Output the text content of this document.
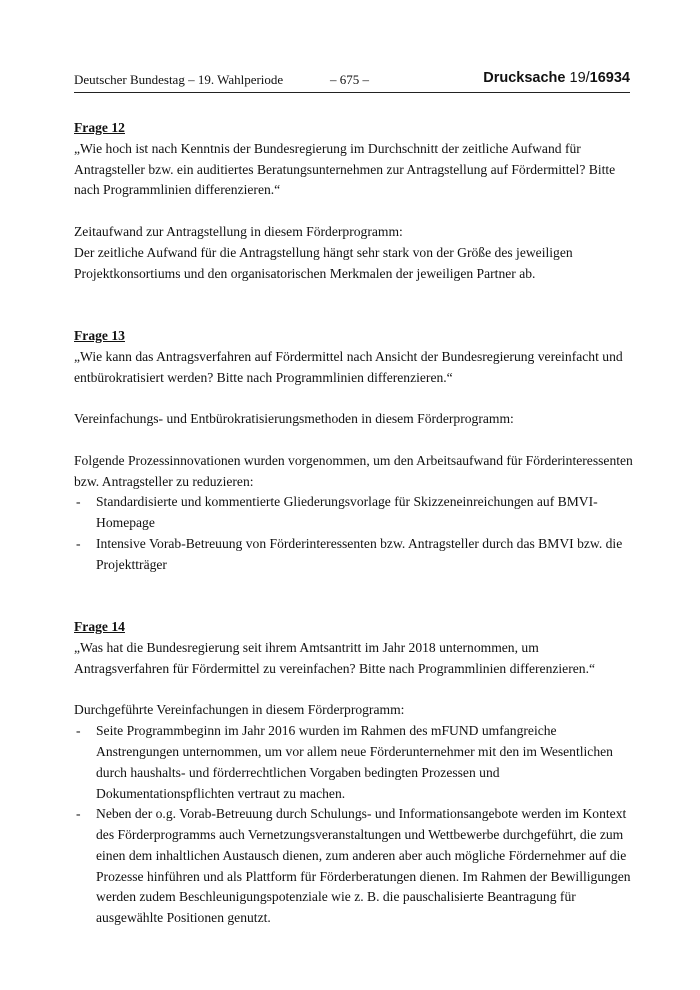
Deutscher Bundestag – 19. Wahlperiode	– 675 –	Drucksache 19/16934

Frage 12

„Wie hoch ist nach Kenntnis der Bundesregierung im Durchschnitt der zeitliche Aufwand für Antragsteller bzw. ein auditiertes Beratungsunternehmen zur Antragstellung auf Fördermittel? Bitte nach Programmlinien differenzieren.“

Zeitaufwand zur Antragstellung in diesem Förderprogramm:

Der zeitliche Aufwand für die Antragstellung hängt sehr stark von der Größe des jeweiligen Projektkonsortiums und den organisatorischen Merkmalen der jeweiligen Partner ab.

Frage 13

„Wie kann das Antragsverfahren auf Fördermittel nach Ansicht der Bundesregierung vereinfacht und entbürokratisiert werden? Bitte nach Programmlinien differenzieren.“

Vereinfachungs- und Entbürokratisierungsmethoden in diesem Förderprogramm:

Folgende Prozessinnovationen wurden vorgenommen, um den Arbeitsaufwand für Förderinteressenten bzw. Antragsteller zu reduzieren:

- Standardisierte und kommentierte Gliederungsvorlage für Skizzeneinreichungen auf BMVI-Homepage
- Intensive Vorab-Betreuung von Förderinteressenten bzw. Antragsteller durch das BMVI bzw. die Projektträger

Frage 14

„Was hat die Bundesregierung seit ihrem Amtsantritt im Jahr 2018 unternommen, um Antragsverfahren für Fördermittel zu vereinfachen? Bitte nach Programmlinien differenzieren.“

Durchgeführte Vereinfachungen in diesem Förderprogramm:

- Seite Programmbeginn im Jahr 2016 wurden im Rahmen des mFUND umfangreiche Anstrengungen unternommen, um vor allem neue Förderunternehmer mit den im Wesentlichen durch haushalts- und förderrechtlichen Vorgaben bedingten Prozessen und Dokumentationspflichten vertraut zu machen.
- Neben der o.g. Vorab-Betreuung durch Schulungs- und Informationsangebote werden im Kontext des Förderprogramms auch Vernetzungsveranstaltungen und Wettbewerbe durchgeführt, die zum einen dem inhaltlichen Austausch dienen, zum anderen aber auch mögliche Fördernehmer auf die Prozesse hinführen und als Plattform für Förderberatungen dienen. Im Rahmen der Bewilligungen werden zudem Beschleunigungspotenziale wie z. B. die pauschalisierte Beantragung für ausgewählte Positionen genutzt.
